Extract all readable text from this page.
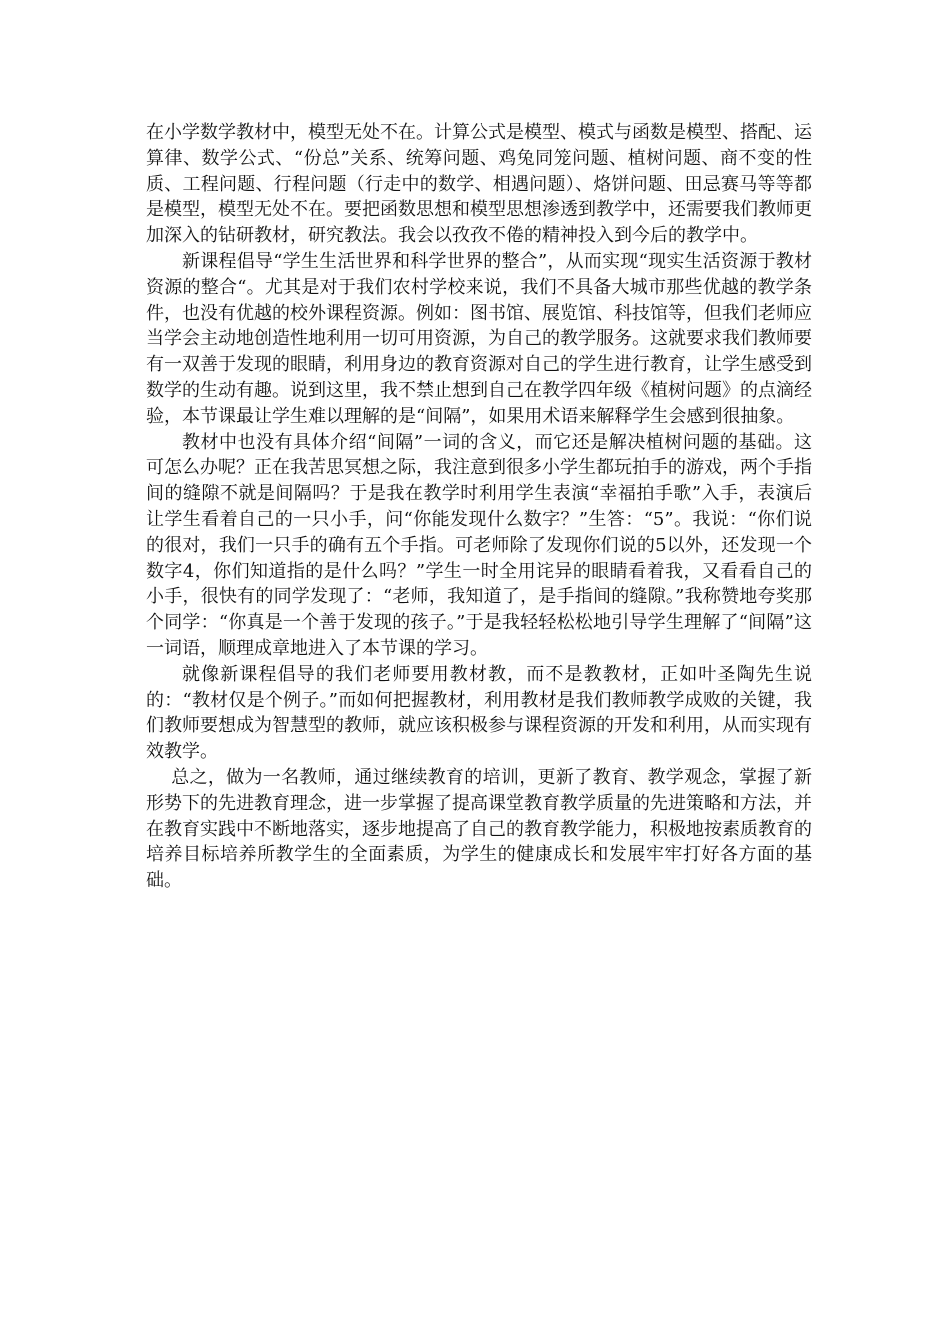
在小学数学教材中，模型无处不在。计算公式是模型、模式与函数是模型、搭配、运算律、数学公式、“份总”关系、统筹问题、鸡兔同笼问题、植树问题、商不变的性质、工程问题、行程问题（行走中的数学、相遇问题）、烙饼问题、田忌赛马等等都是模型，模型无处不在。要把函数思想和模型思想渗透到教学中，还需要我们教师更加深入的钻研教材，研究教法。我会以孜孜不倦的精神投入到今后的教学中。

新课程倡导“学生生活世界和科学世界的整合”，从而实现“现实生活资源于教材资源的整合“。尤其是对于我们农村学校来说，我们不具备大城市那些优越的教学条件，也没有优越的校外课程资源。例如：图书馆、展览馆、科技馆等，但我们老师应当学会主动地创造性地利用一切可用资源，为自己的教学服务。这就要求我们教师要有一双善于发现的眼睛，利用身边的教育资源对自己的学生进行教育，让学生感受到数学的生动有趣。说到这里，我不禁止想到自己在教学四年级《植树问题》的点滴经验，本节课最让学生难以理解的是“间隔”，如果用术语来解释学生会感到很抽象。

教材中也没有具体介绍“间隔”一词的含义，而它还是解决植树问题的基础。这可怎么办呢？正在我苦思冥想之际，我注意到很多小学生都玩拍手的游戏，两个手指间的缝隙不就是间隔吗？于是我在教学时利用学生表演“幸福拍手歌”入手，表演后让学生看着自己的一只小手，问“你能发现什么数字？”生答：“5”。我说：“你们说的很对，我们一只手的确有五个手指。可老师除了发现你们说的5以外，还发现一个数字4，你们知道指的是什么吗？”学生一时全用诧异的眼睛看着我，又看看自己的小手，很快有的同学发现了：“老师，我知道了，是手指间的缝隙。”我称赞地夸奖那个同学：“你真是一个善于发现的孩子。”于是我轻轻松松地引导学生理解了“间隔”这一词语，顺理成章地进入了本节课的学习。

就像新课程倡导的我们老师要用教材教，而不是教教材，正如叶圣陶先生说的：“教材仅是个例子。”而如何把握教材，利用教材是我们教师教学成败的关键，我们教师要想成为智慧型的教师，就应该积极参与课程资源的开发和利用，从而实现有效教学。

总之，做为一名教师，通过继续教育的培训，更新了教育、教学观念，掌握了新形势下的先进教育理念，进一步掌握了提高课堂教育教学质量的先进策略和方法，并在教育实践中不断地落实，逐步地提高了自己的教育教学能力，积极地按素质教育的培养目标培养所教学生的全面素质，为学生的健康成长和发展牢牢打好各方面的基础。
